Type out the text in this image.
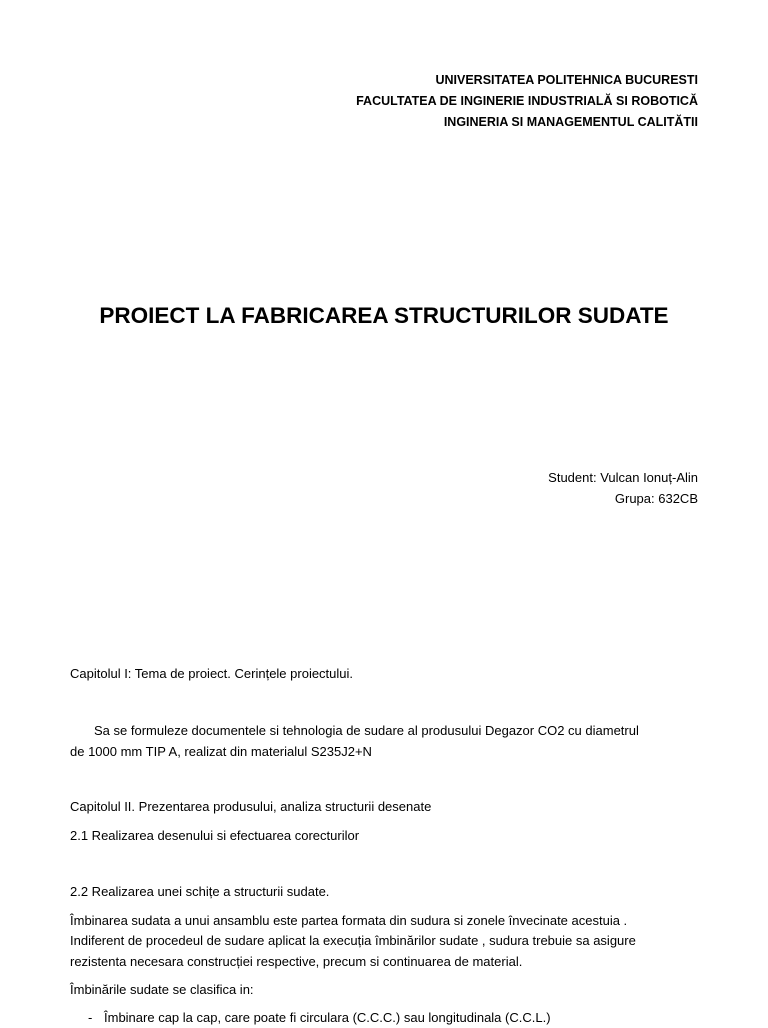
UNIVERSITATEA POLITEHNICA BUCURESTI
FACULTATEA DE INGINERIE INDUSTRIALĂ SI ROBOTICĂ
INGINERIA SI MANAGEMENTUL CALITĂTII
PROIECT LA FABRICAREA STRUCTURILOR SUDATE
Student: Vulcan Ionuț-Alin
Grupa: 632CB
Capitolul I: Tema de proiect. Cerințele proiectului.
Sa se formuleze documentele si tehnologia de sudare al produsului Degazor CO2 cu diametrul
de 1000 mm TIP A, realizat din materialul S235J2+N
Capitolul II. Prezentarea produsului, analiza structurii desenate
2.1 Realizarea desenului si efectuarea corecturilor
2.2 Realizarea unei schițe a structurii sudate.
Îmbinarea sudata a unui ansamblu este partea formata din sudura si zonele învecinate acestuia .
Indiferent de procedeul de sudare aplicat la execuția îmbinărilor sudate , sudura trebuie sa asigure
rezistenta necesara construcției respective, precum si continuarea de material.
Îmbinările sudate se clasifica in:
- Îmbinare cap la cap, care poate fi circulara (C.C.C.) sau longitudinala (C.C.L.)
